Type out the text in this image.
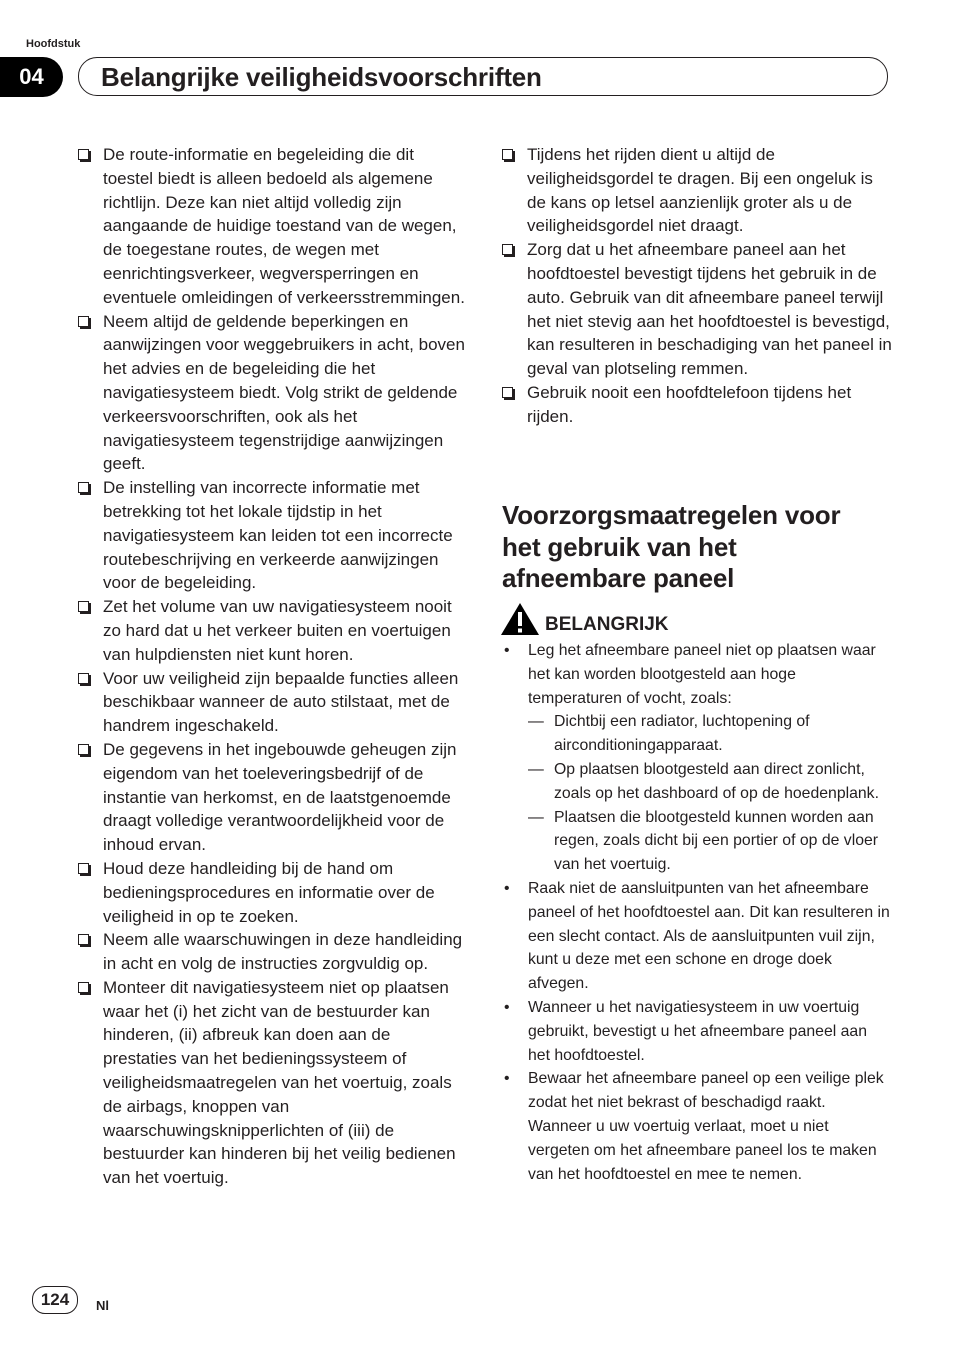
Hoofdstuk
04	Belangrijke veiligheidsvoorschriften
De route-informatie en begeleiding die dit toestel biedt is alleen bedoeld als algemene richtlijn. Deze kan niet altijd volledig zijn aangaande de huidige toestand van de wegen, de toegestane routes, de wegen met eenrichtingsverkeer, wegversperringen en eventuele omleidingen of verkeersstremmingen.
Neem altijd de geldende beperkingen en aanwijzingen voor weggebruikers in acht, boven het advies en de begeleiding die het navigatiesysteem biedt. Volg strikt de geldende verkeersvoorschriften, ook als het navigatiesysteem tegenstrijdige aanwijzingen geeft.
De instelling van incorrecte informatie met betrekking tot het lokale tijdstip in het navigatiesysteem kan leiden tot een incorrecte routebeschrijving en verkeerde aanwijzingen voor de begeleiding.
Zet het volume van uw navigatiesysteem nooit zo hard dat u het verkeer buiten en voertuigen van hulpdiensten niet kunt horen.
Voor uw veiligheid zijn bepaalde functies alleen beschikbaar wanneer de auto stilstaat, met de handrem ingeschakeld.
De gegevens in het ingebouwde geheugen zijn eigendom van het toeleveringsbedrijf of de instantie van herkomst, en de laatstgenoemde draagt volledige verantwoordelijkheid voor de inhoud ervan.
Houd deze handleiding bij de hand om bedieningsprocedures en informatie over de veiligheid in op te zoeken.
Neem alle waarschuwingen in deze handleiding in acht en volg de instructies zorgvuldig op.
Monteer dit navigatiesysteem niet op plaatsen waar het (i) het zicht van de bestuurder kan hinderen, (ii) afbreuk kan doen aan de prestaties van het bedieningssysteem of veiligheidsmaatregelen van het voertuig, zoals de airbags, knoppen van waarschuwingsknipperlichten of (iii) de bestuurder kan hinderen bij het veilig bedienen van het voertuig.
Tijdens het rijden dient u altijd de veiligheidsgordel te dragen. Bij een ongeluk is de kans op letsel aanzienlijk groter als u de veiligheidsgordel niet draagt.
Zorg dat u het afneembare paneel aan het hoofdtoestel bevestigt tijdens het gebruik in de auto. Gebruik van dit afneembare paneel terwijl het niet stevig aan het hoofdtoestel is bevestigd, kan resulteren in beschadiging van het paneel in geval van plotseling remmen.
Gebruik nooit een hoofdtelefoon tijdens het rijden.
Voorzorgsmaatregelen voor het gebruik van het afneembare paneel
BELANGRIJK
• Leg het afneembare paneel niet op plaatsen waar het kan worden blootgesteld aan hoge temperaturen of vocht, zoals:
— Dichtbij een radiator, luchtopening of airconditioningapparaat.
— Op plaatsen blootgesteld aan direct zonlicht, zoals op het dashboard of op de hoedenplank.
— Plaatsen die blootgesteld kunnen worden aan regen, zoals dicht bij een portier of op de vloer van het voertuig.
• Raak niet de aansluitpunten van het afneembare paneel of het hoofdtoestel aan. Dit kan resulteren in een slecht contact. Als de aansluitpunten vuil zijn, kunt u deze met een schone en droge doek afvegen.
• Wanneer u het navigatiesysteem in uw voertuig gebruikt, bevestigt u het afneembare paneel aan het hoofdtoestel.
• Bewaar het afneembare paneel op een veilige plek zodat het niet bekrast of beschadigd raakt.
Wanneer u uw voertuig verlaat, moet u niet vergeten om het afneembare paneel los te maken van het hoofdtoestel en mee te nemen.
124	Nl
